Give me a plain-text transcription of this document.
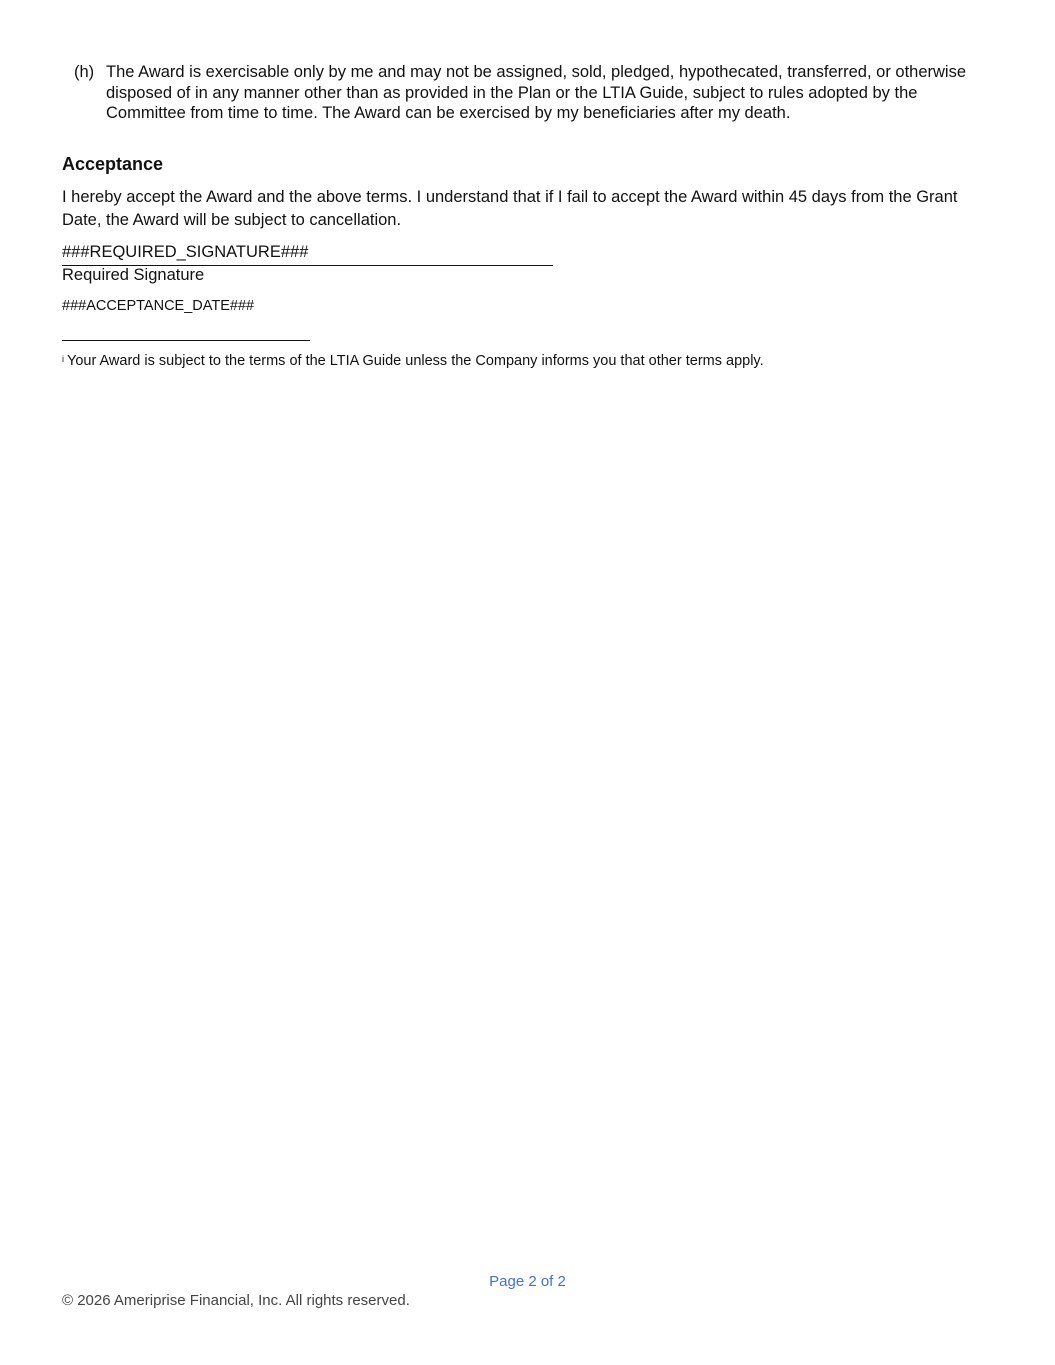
(h) The Award is exercisable only by me and may not be assigned, sold, pledged, hypothecated, transferred, or otherwise disposed of in any manner other than as provided in the Plan or the LTIA Guide, subject to rules adopted by the Committee from time to time. The Award can be exercised by my beneficiaries after my death.
Acceptance
I hereby accept the Award and the above terms. I understand that if I fail to accept the Award within 45 days from the Grant Date, the Award will be subject to cancellation.
###REQUIRED_SIGNATURE###
Required Signature
###ACCEPTANCE_DATE###
$^i$ Your Award is subject to the terms of the LTIA Guide unless the Company informs you that other terms apply.
Page 2 of 2
© 2026 Ameriprise Financial, Inc. All rights reserved.
